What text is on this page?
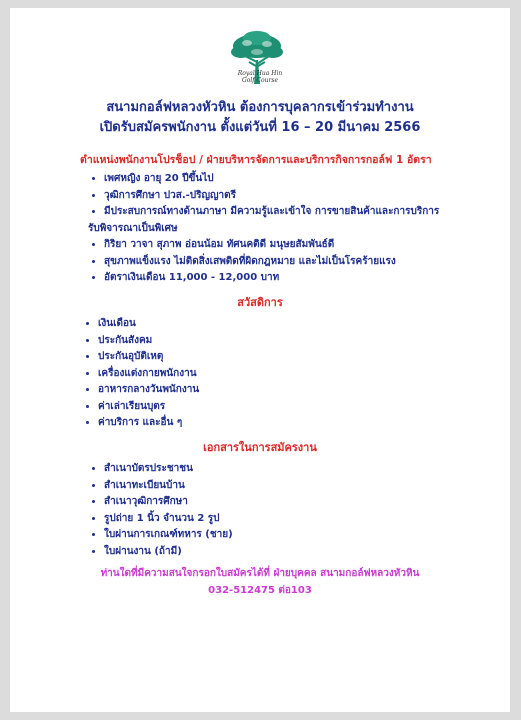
Royal Hua Hin
Golf Course
สนามกอล์ฟหลวงหัวหิน ต้องการบุคลากรเข้าร่วมทำงาน
เปิดรับสมัครพนักงาน ตั้งแต่วันที่ 16 – 20 มีนาคม 2566
ตำแหน่งพนักงานโปรช็อป / ฝ่ายบริหารจัดการและบริการกิจการกอล์ฟ 1 อัตรา
• เพศหญิง อายุ 20 ปีขึ้นไป
• วุฒิการศึกษา ปวส.-ปริญญาตรี
• มีประสบการณ์ทางด้านภาษา มีความรู้และเข้าใจ การขายสินค้าและการบริการ
รับพิจารณาเป็นพิเศษ
• กิริยา วาจา สุภาพ อ่อนน้อม ทัศนคติดี มนุษยสัมพันธ์ดี
• สุขภาพแข็งแรง ไม่ติดสิ่งเสพติดที่ผิดกฎหมาย และไม่เป็นโรคร้ายแรง
• อัตราเงินเดือน 11,000 - 12,000 บาท
สวัสดิการ
• เงินเดือน
• ประกันสังคม
• ประกันอุบัติเหตุ
• เครื่องแต่งกายพนักงาน
• อาหารกลางวันพนักงาน
• ค่าเล่าเรียนบุตร
• ค่าบริการ และอื่น ๆ
เอกสารในการสมัครงาน
• สำเนาบัตรประชาชน
• สำเนาทะเบียนบ้าน
• สำเนาวุฒิการศึกษา
• รูปถ่าย 1 นิ้ว จำนวน 2 รูป
• ใบผ่านการเกณฑ์ทหาร (ชาย)
• ใบผ่านงาน (ถ้ามี)
ท่านใดที่มีความสนใจกรอกใบสมัครได้ที่ ฝ่ายบุคคล สนามกอล์ฟหลวงหัวหิน
032-512475 ต่อ103
